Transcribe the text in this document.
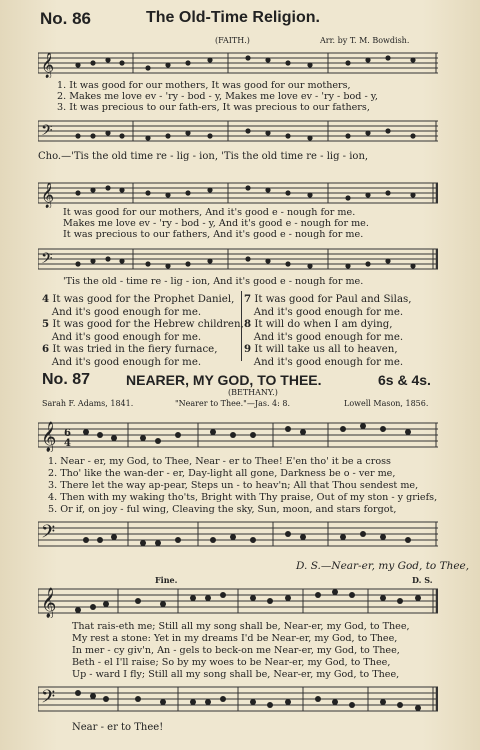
No. 86	The Old-Time Religion.
(FAITH.)	Arr. by T. M. Bowdish.
𝄞
1. It was good for our mothers, It was good for our mothers,
2. Makes me love ev - 'ry - bod - y, Makes me love ev - 'ry - bod - y,
3. It was precious to our fath-ers, It was precious to our fathers,
𝄢
Cho.—'Tis the old time re - lig - ion, 'Tis the old time re - lig - ion,
𝄞
It was good for our mothers, And it's good e - nough for me.
Makes me love ev - 'ry - bod - y, And it's good e - nough for me.
It was precious to our fathers, And it's good e - nough for me.
𝄢
'Tis the old - time re - lig - ion, And it's good e - nough for me.
4 It was good for the Prophet Daniel,
And it's good enough for me.
5 It was good for the Hebrew children,
And it's good enough for me.
6 It was tried in the fiery furnace,
And it's good enough for me.
7 It was good for Paul and Silas,
And it's good enough for me.
8 It will do when I am dying,
And it's good enough for me.
9 It will take us all to heaven,
And it's good enough for me.
No. 87	NEARER, MY GOD, TO THEE.	6s & 4s.
(BETHANY.)
Sarah F. Adams, 1841.	"Nearer to Thee."—Jas. 4: 8.	Lowell Mason, 1856.
𝄞 6
4
1. Near - er, my God, to Thee, Near - er to Thee! E'en tho' it be a cross
2. Tho' like the wan-der - er, Day-light all gone, Darkness be o - ver me,
3. There let the way ap-pear, Steps un - to heav'n; All that Thou sendest me,
4. Then with my waking tho'ts, Bright with Thy praise, Out of my ston - y griefs,
5. Or if, on joy - ful wing, Cleaving the sky, Sun, moon, and stars forgot,
𝄢
D. S.—Near-er, my God, to Thee,
Fine.	D. S.
𝄞
That rais-eth me; Still all my song shall be, Near-er, my God, to Thee,
My rest a stone: Yet in my dreams I'd be Near-er, my God, to Thee,
In mer - cy giv'n, An - gels to beck-on me Near-er, my God, to Thee,
Beth - el I'll raise; So by my woes to be Near-er, my God, to Thee,
Up - ward I fly; Still all my song shall be, Near-er, my God, to Thee,
𝄢
Near - er to Thee!
